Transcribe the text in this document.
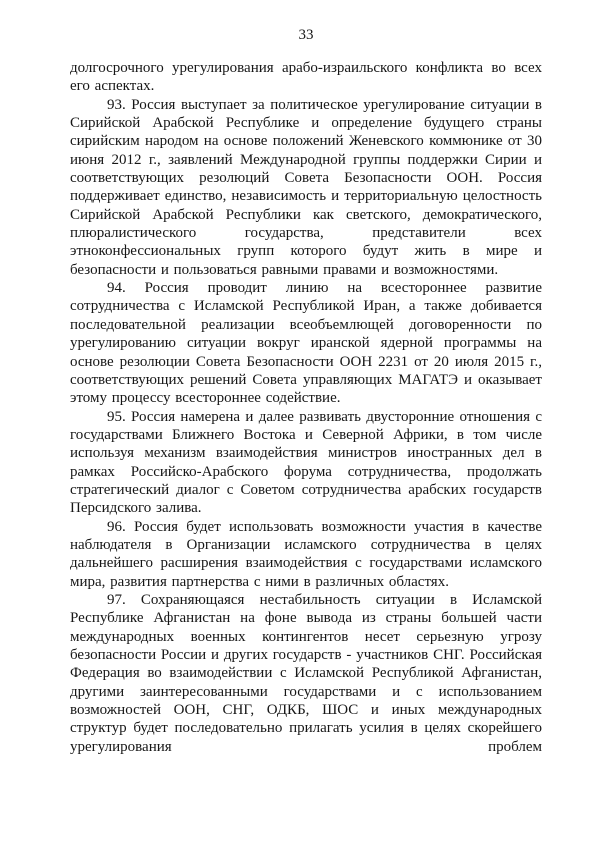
33

долгосрочного урегулирования арабо-израильского конфликта во всех его аспектах.

93. Россия выступает за политическое урегулирование ситуации в Сирийской Арабской Республике и определение будущего страны сирийским народом на основе положений Женевского коммюнике от 30 июня 2012 г., заявлений Международной группы поддержки Сирии и соответствующих резолюций Совета Безопасности ООН. Россия поддерживает единство, независимость и территориальную целостность Сирийской Арабской Республики как светского, демократического, плюралистического государства, представители всех этноконфессиональных групп которого будут жить в мире и безопасности и пользоваться равными правами и возможностями.

94. Россия проводит линию на всестороннее развитие сотрудничества с Исламской Республикой Иран, а также добивается последовательной реализации всеобъемлющей договоренности по урегулированию ситуации вокруг иранской ядерной программы на основе резолюции Совета Безопасности ООН 2231 от 20 июля 2015 г., соответствующих решений Совета управляющих МАГАТЭ и оказывает этому процессу всестороннее содействие.

95. Россия намерена и далее развивать двусторонние отношения с государствами Ближнего Востока и Северной Африки, в том числе используя механизм взаимодействия министров иностранных дел в рамках Российско-Арабского форума сотрудничества, продолжать стратегический диалог с Советом сотрудничества арабских государств Персидского залива.

96. Россия будет использовать возможности участия в качестве наблюдателя в Организации исламского сотрудничества в целях дальнейшего расширения взаимодействия с государствами исламского мира, развития партнерства с ними в различных областях.

97. Сохраняющаяся нестабильность ситуации в Исламской Республике Афганистан на фоне вывода из страны большей части международных военных контингентов несет серьезную угрозу безопасности России и других государств - участников СНГ. Российская Федерация во взаимодействии с Исламской Республикой Афганистан, другими заинтересованными государствами и с использованием возможностей ООН, СНГ, ОДКБ, ШОС и иных международных структур будет последовательно прилагать усилия в целях скорейшего урегулирования проблем
